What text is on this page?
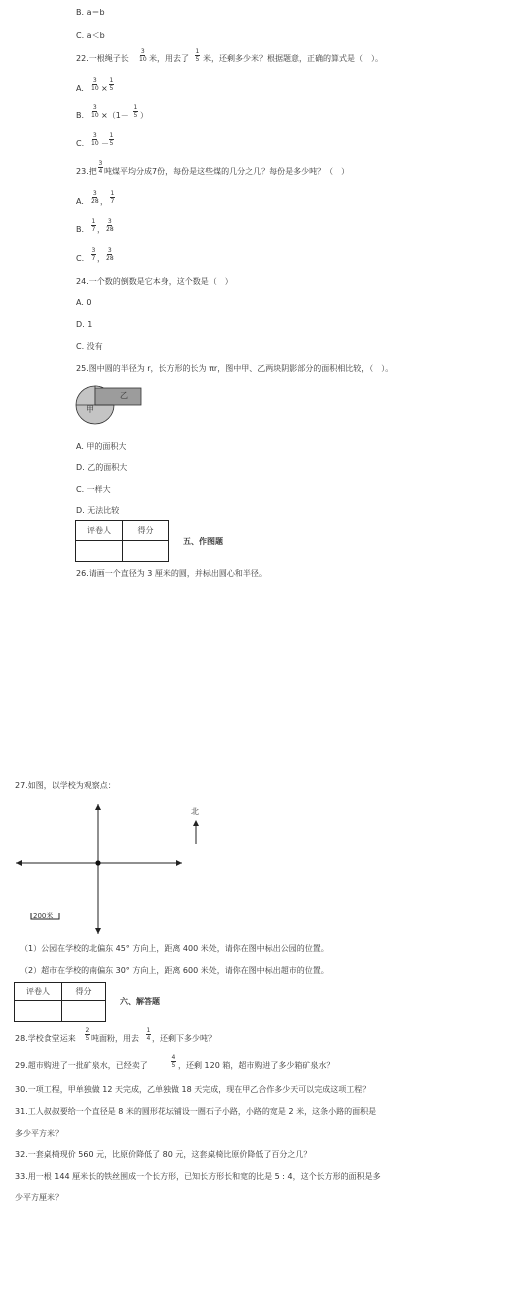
B. a＝b
C. a＜b
22.一根绳子长 $\frac{3}{10}$ 米，用去了 $\frac{1}{5}$ 米，还剩多少米？根据题意，正确的算式是（　）。
A. $\frac{3}{10} \times \frac{1}{5}$
B. $\frac{3}{10} \times(1- \frac{1}{5}$ ）
C. $\frac{3}{10} - \frac{1}{5}$
23.把 $\frac{3}{4}$ 吨煤平均分成7份，每份是这些煤的几分之几？每份是多少吨？（　）
A. $\frac{3}{28}$ ， $\frac{1}{7}$
B. $\frac{1}{7}$ ， $\frac{3}{28}$
C. $\frac{3}{7}$ ， $\frac{3}{28}$
24.一个数的倒数是它本身，这个数是（　）
A. 0
D. 1
C. 没有
25.图中圆的半径为 r，长方形的长为 πr，图中甲、乙两块阴影部分的面积相比较，（　）。
甲
乙
A. 甲的面积大
D. 乙的面积大
C. 一样大
D. 无法比较
评卷人	得分

五、作图题
26.请画一个直径为 3 厘米的圆，并标出圆心和半径。
27.如图，以学校为观察点：
北
200米
（1）公园在学校的北偏东 45° 方向上，距离 400 米处，请你在图中标出公园的位置。
（2）超市在学校的南偏东 30° 方向上，距离 600 米处，请你在图中标出超市的位置。
评卷人	得分

六、解答题
28.学校食堂运来 $\frac{2}{5}$ 吨面粉，用去 $\frac{1}{4}$ ，还剩下多少吨？
29.超市购进了一批矿泉水，已经卖了	$\frac{4}{5}$ ，还剩 120 箱，超市购进了多少箱矿泉水？
30.一项工程，甲单独做 12 天完成，乙单独做 18 天完成，现在甲乙合作多少天可以完成这项工程？
31.工人叔叔要给一个直径是 8 米的圆形花坛铺设一圈石子小路，小路的宽是 2 米，这条小路的面积是
多少平方米？
32.一套桌椅现价 560 元，比原价降低了 80 元，这套桌椅比原价降低了百分之几？
33.用一根 144 厘米长的铁丝围成一个长方形，已知长方形长和宽的比是 5 : 4，这个长方形的面积是多
少平方厘米？
